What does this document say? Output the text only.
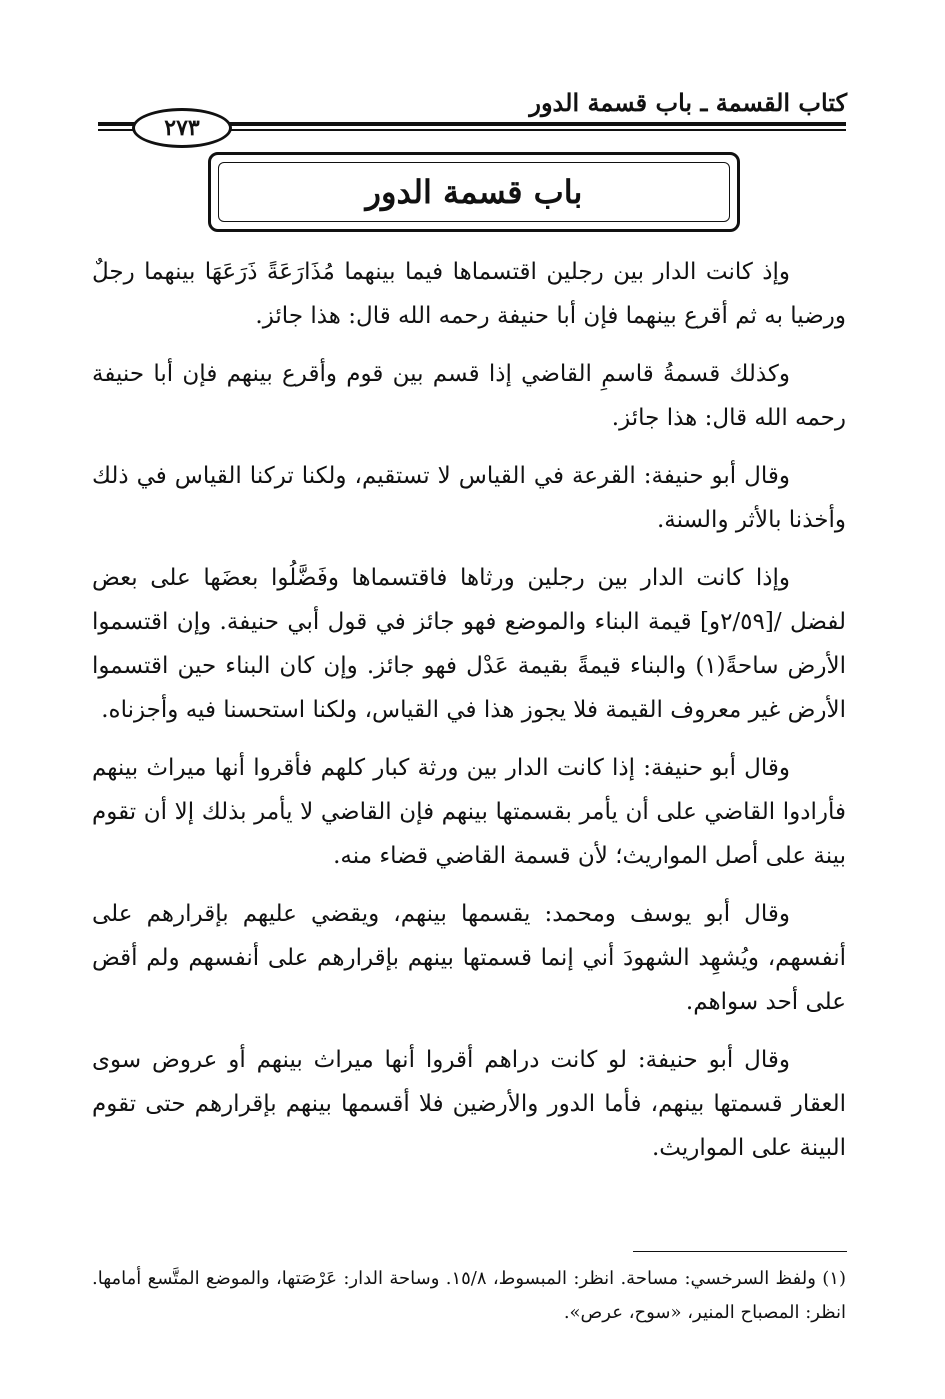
كتاب القسمة ـ باب قسمة الدور
٢٧٣
باب قسمة الدور

وإذ كانت الدار بين رجلين اقتسماها فيما بينهما مُذَارَعَةً ذَرَعَهَا بينهما رجلٌ ورضيا به ثم أقرع بينهما فإن أبا حنيفة رحمه الله قال: هذا جائز.

وكذلك قسمةُ قاسمِ القاضي إذا قسم بين قوم وأقرع بينهم فإن أبا حنيفة رحمه الله قال: هذا جائز.

وقال أبو حنيفة: القرعة في القياس لا تستقيم، ولكنا تركنا القياس في ذلك وأخذنا بالأثر والسنة.

وإذا كانت الدار بين رجلين ورثاها فاقتسماها وفَضَّلُوا بعضَها على بعض لفضل /[٢/٥٩و] قيمة البناء والموضع فهو جائز في قول أبي حنيفة. وإن اقتسموا الأرض ساحةً(١) والبناء قيمةً بقيمة عَدْل فهو جائز. وإن كان البناء حين اقتسموا الأرض غير معروف القيمة فلا يجوز هذا في القياس، ولكنا استحسنا فيه وأجزناه.

وقال أبو حنيفة: إذا كانت الدار بين ورثة كبار كلهم فأقروا أنها ميراث بينهم فأرادوا القاضي على أن يأمر بقسمتها بينهم فإن القاضي لا يأمر بذلك إلا أن تقوم بينة على أصل المواريث؛ لأن قسمة القاضي قضاء منه.

وقال أبو يوسف ومحمد: يقسمها بينهم، ويقضي عليهم بإقرارهم على أنفسهم، ويُشهِد الشهودَ أني إنما قسمتها بينهم بإقرارهم على أنفسهم ولم أقض على أحد سواهم.

وقال أبو حنيفة: لو كانت دراهم أقروا أنها ميراث بينهم أو عروض سوى العقار قسمتها بينهم، فأما الدور والأرضين فلا أقسمها بينهم بإقرارهم حتى تقوم البينة على المواريث.

(١) ولفظ السرخسي: مساحة. انظر: المبسوط، ١٥/٨. وساحة الدار: عَرْصَتها، والموضع المتَّسع أمامها. انظر: المصباح المنير، «سوح، عرص».
